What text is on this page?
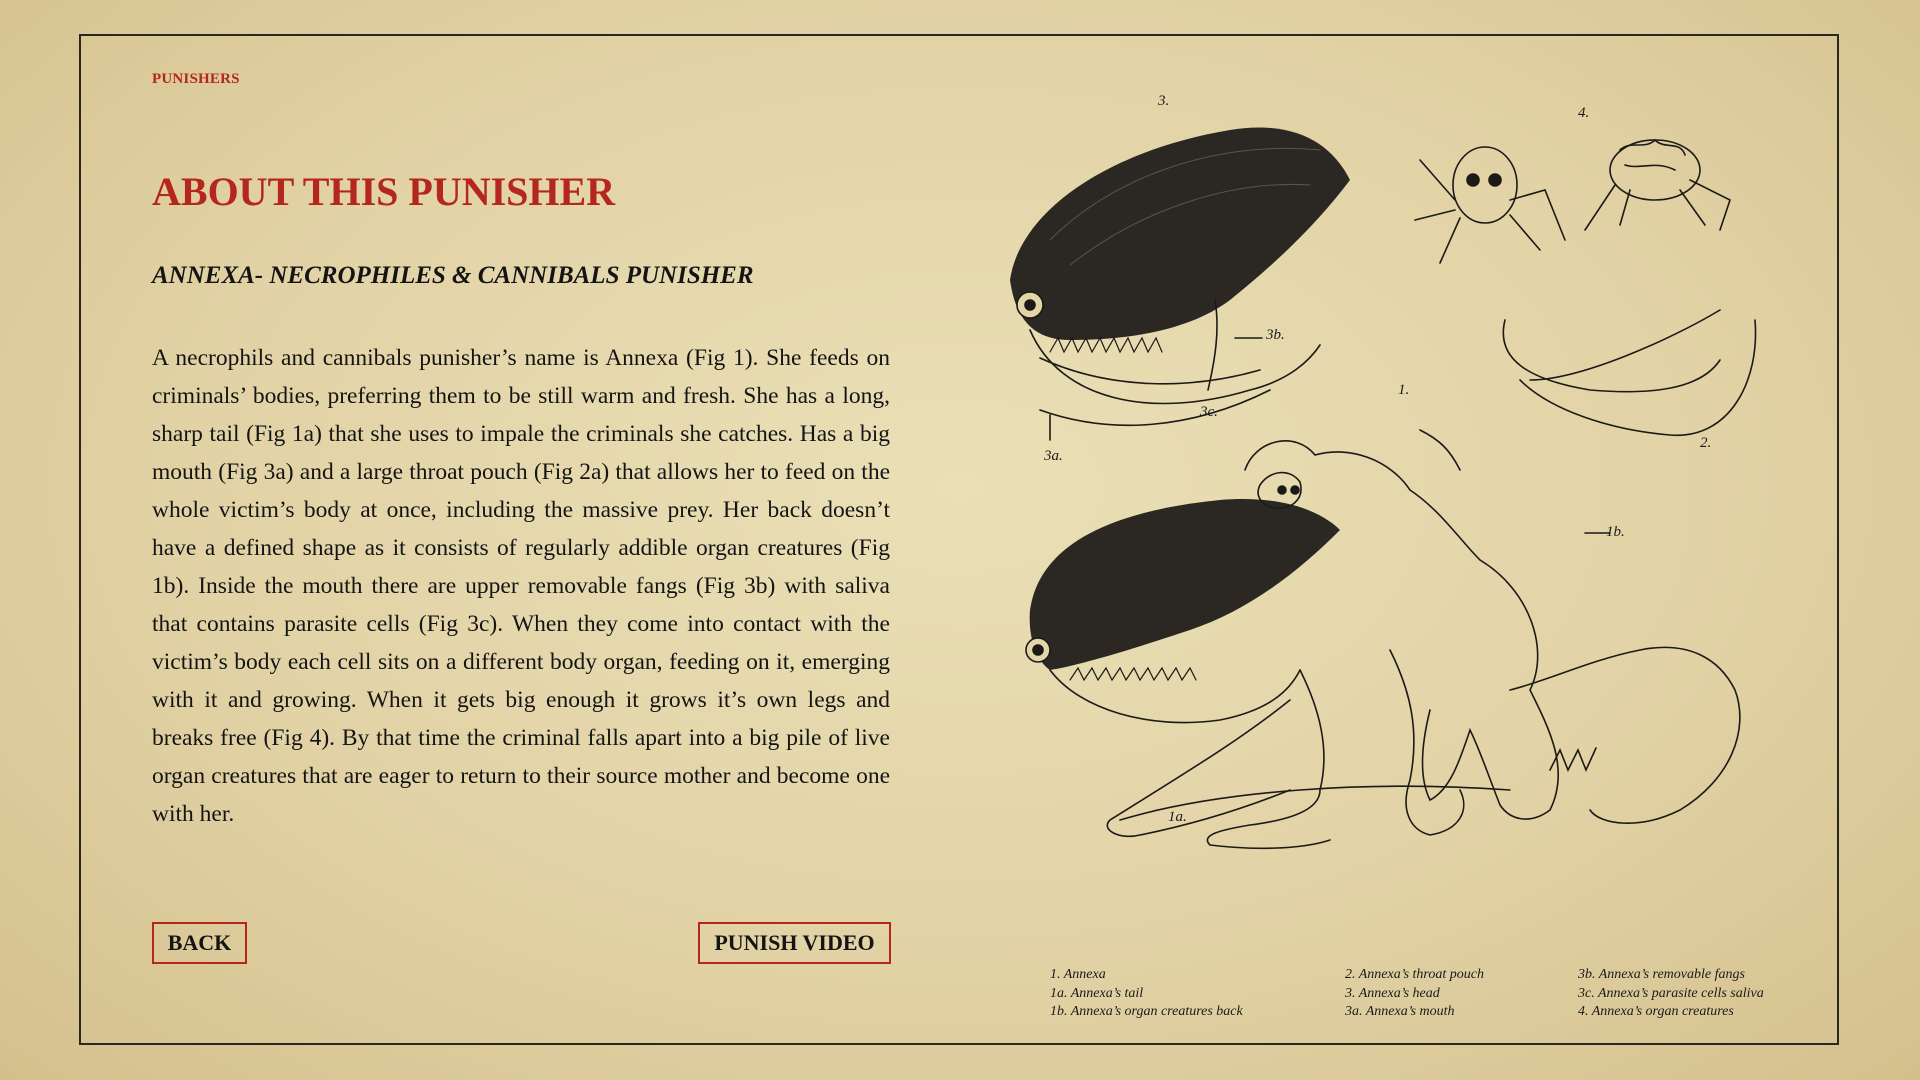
PUNISHERS
ABOUT THIS PUNISHER
ANNEXA- NECROPHILES & CANNIBALS PUNISHER

A necrophils and cannibals punisher’s name is Annexa (Fig 1). She feeds on criminals’ bodies, preferring them to be still warm and fresh. She has a long, sharp tail (Fig 1a) that she uses to impale the criminals she catches. Has a big mouth (Fig 3a) and a large throat pouch (Fig 2a) that allows her to feed on the whole victim’s body at once, including the massive prey. Her back doesn’t have a defined shape as it consists of regularly addible organ creatures (Fig 1b). Inside the mouth there are upper removable fangs (Fig 3b) with saliva that contains parasite cells (Fig 3c). When they come into contact with the victim’s body each cell sits on a different body organ, feeding on it, emerging with it and growing. When it gets big enough it grows it’s own legs and breaks free (Fig 4). By that time the criminal falls apart into a big pile of live organ creatures that are eager to return to their source mother and become one with her.

BACK	PUNISH VIDEO
3.
4.
3b.
1.
3c.
3a.
2.
1b.
1a.
1. Annexa
1a. Annexa’s tail
1b. Annexa’s organ creatures back
2. Annexa’s throat pouch
3. Annexa’s head
3a. Annexa’s mouth
3b. Annexa’s removable fangs
3c. Annexa’s parasite cells saliva
4. Annexa’s organ creatures
